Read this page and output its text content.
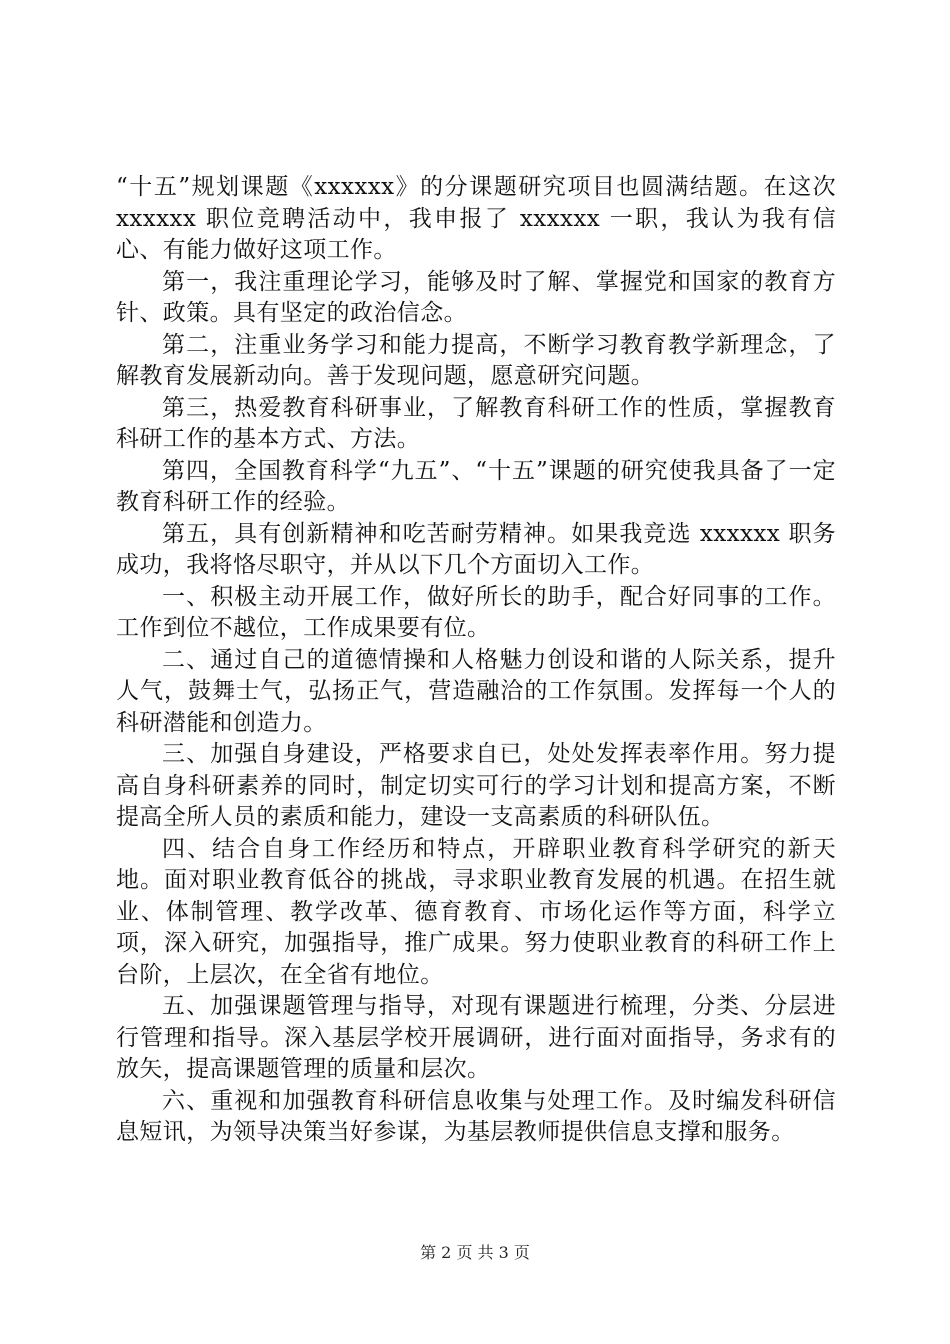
“十五”规划课题《xxxxxx》的分课题研究项目也圆满结题。在这次 xxxxxx 职位竞聘活动中，我申报了 xxxxxx 一职，我认为我有信心、有能力做好这项工作。

第一，我注重理论学习，能够及时了解、掌握党和国家的教育方针、政策。具有坚定的政治信念。

第二，注重业务学习和能力提高，不断学习教育教学新理念，了解教育发展新动向。善于发现问题，愿意研究问题。

第三，热爱教育科研事业，了解教育科研工作的性质，掌握教育科研工作的基本方式、方法。

第四，全国教育科学“九五”、“十五”课题的研究使我具备了一定教育科研工作的经验。

第五，具有创新精神和吃苦耐劳精神。如果我竞选 xxxxxx 职务成功，我将恪尽职守，并从以下几个方面切入工作。

一、积极主动开展工作，做好所长的助手，配合好同事的工作。工作到位不越位，工作成果要有位。

二、通过自己的道德情操和人格魅力创设和谐的人际关系，提升人气，鼓舞士气，弘扬正气，营造融洽的工作氛围。发挥每一个人的科研潜能和创造力。

三、加强自身建设，严格要求自已，处处发挥表率作用。努力提高自身科研素养的同时，制定切实可行的学习计划和提高方案，不断提高全所人员的素质和能力，建设一支高素质的科研队伍。

四、结合自身工作经历和特点，开辟职业教育科学研究的新天地。面对职业教育低谷的挑战，寻求职业教育发展的机遇。在招生就业、体制管理、教学改革、德育教育、市场化运作等方面，科学立项，深入研究，加强指导，推广成果。努力使职业教育的科研工作上台阶，上层次，在全省有地位。

五、加强课题管理与指导，对现有课题进行梳理，分类、分层进行管理和指导。深入基层学校开展调研，进行面对面指导，务求有的放矢，提高课题管理的质量和层次。

六、重视和加强教育科研信息收集与处理工作。及时编发科研信息短讯，为领导决策当好参谋，为基层教师提供信息支撑和服务。

第 2 页 共 3 页
